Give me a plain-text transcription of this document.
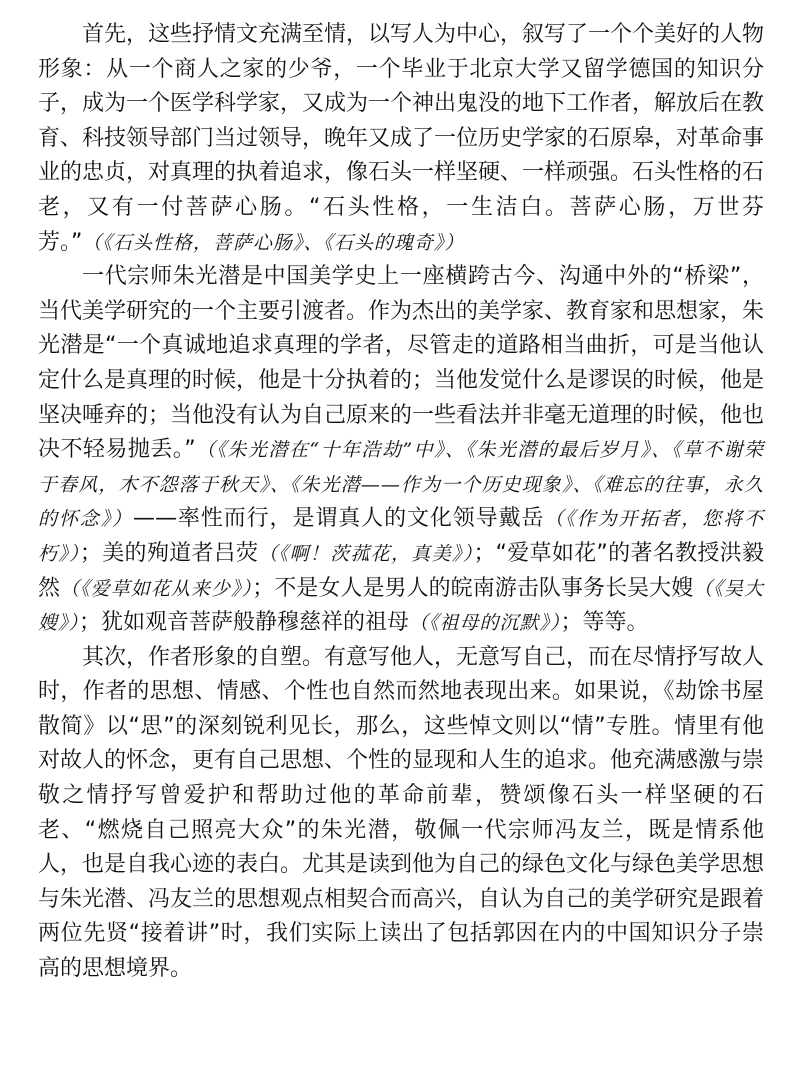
首先，这些抒情文充满至情，以写人为中心，叙写了一个个美好的人物形象：从一个商人之家的少爷，一个毕业于北京大学又留学德国的知识分子，成为一个医学科学家，又成为一个神出鬼没的地下工作者，解放后在教育、科技领导部门当过领导，晚年又成了一位历史学家的石原皋，对革命事业的忠贞，对真理的执着追求，像石头一样坚硬、一样顽强。石头性格的石老，又有一付菩萨心肠。“石头性格，一生洁白。菩萨心肠，万世芬芳。”（《石头性格，菩萨心肠》、《石头的瑰奇》）

一代宗师朱光潜是中国美学史上一座横跨古今、沟通中外的“桥梁”，当代美学研究的一个主要引渡者。作为杰出的美学家、教育家和思想家，朱光潜是“一个真诚地追求真理的学者，尽管走的道路相当曲折，可是当他认定什么是真理的时候，他是十分执着的；当他发觉什么是谬误的时候，他是坚决唾弃的；当他没有认为自己原来的一些看法并非毫无道理的时候，他也决不轻易抛丢。”（《朱光潜在“十年浩劫”中》、《朱光潜的最后岁月》、《草不谢荣于春风，木不怨落于秋天》、《朱光潜——作为一个历史现象》、《难忘的往事，永久的怀念》）——率性而行，是谓真人的文化领导戴岳（《作为开拓者，您将不朽》）；美的殉道者吕荧（《啊！茨菰花，真美》）；“爱草如花”的著名教授洪毅然（《爱草如花从来少》）；不是女人是男人的皖南游击队事务长吴大嫂（《吴大嫂》）；犹如观音菩萨般静穆慈祥的祖母（《祖母的沉默》）；等等。

其次，作者形象的自塑。有意写他人，无意写自己，而在尽情抒写故人时，作者的思想、情感、个性也自然而然地表现出来。如果说，《劫馀书屋散简》以“思”的深刻锐利见长，那么，这些悼文则以“情”专胜。情里有他对故人的怀念，更有自己思想、个性的显现和人生的追求。他充满感激与崇敬之情抒写曾爱护和帮助过他的革命前辈，赞颂像石头一样坚硬的石老、“燃烧自己照亮大众”的朱光潜，敬佩一代宗师冯友兰，既是情系他人，也是自我心迹的表白。尤其是读到他为自己的绿色文化与绿色美学思想与朱光潜、冯友兰的思想观点相契合而高兴，自认为自己的美学研究是跟着两位先贤“接着讲”时，我们实际上读出了包括郭因在内的中国知识分子崇高的思想境界。
